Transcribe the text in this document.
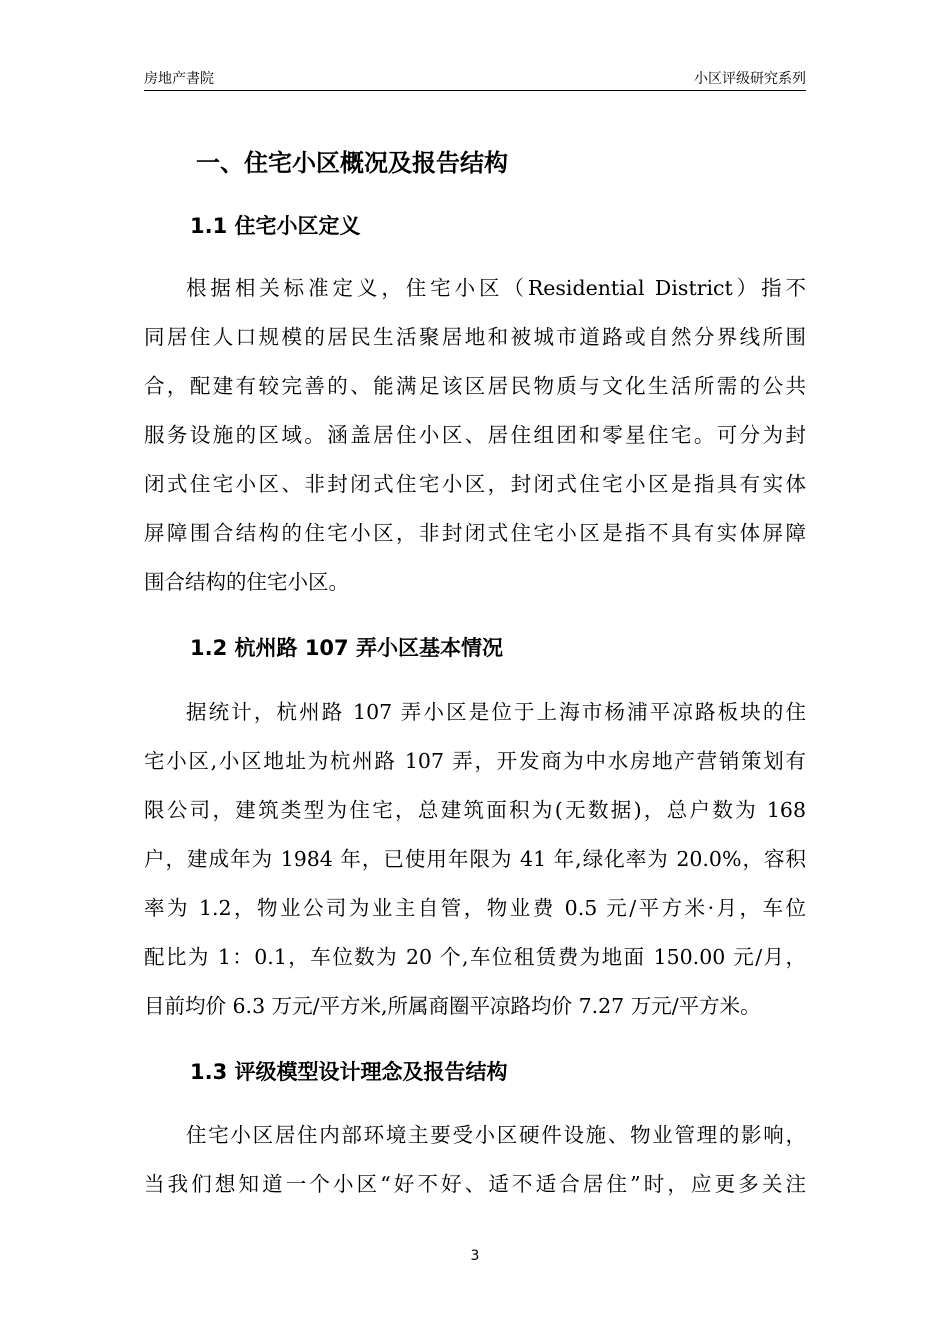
房地产書院	小区评级研究系列
一、住宅小区概况及报告结构
1.1 住宅小区定义
根据相关标准定义，住宅小区（Residential District）指不
同居住人口规模的居民生活聚居地和被城市道路或自然分界线所围
合，配建有较完善的、能满足该区居民物质与文化生活所需的公共
服务设施的区域。涵盖居住小区、居住组团和零星住宅。可分为封
闭式住宅小区、非封闭式住宅小区，封闭式住宅小区是指具有实体
屏障围合结构的住宅小区，非封闭式住宅小区是指不具有实体屏障
围合结构的住宅小区。
1.2 杭州路 107 弄小区基本情况
据统计，杭州路 107 弄小区是位于上海市杨浦平凉路板块的住
宅小区,小区地址为杭州路 107 弄，开发商为中水房地产营销策划有
限公司，建筑类型为住宅，总建筑面积为(无数据)，总户数为 168
户，建成年为 1984 年，已使用年限为 41 年,绿化率为 20.0%，容积
率为 1.2，物业公司为业主自管，物业费 0.5 元/平方米·月，车位
配比为 1：0.1，车位数为 20 个,车位租赁费为地面 150.00 元/月，
目前均价 6.3 万元/平方米,所属商圈平凉路均价 7.27 万元/平方米。
1.3 评级模型设计理念及报告结构
住宅小区居住内部环境主要受小区硬件设施、物业管理的影响，
当我们想知道一个小区“好不好、适不适合居住”时，应更多关注
3
